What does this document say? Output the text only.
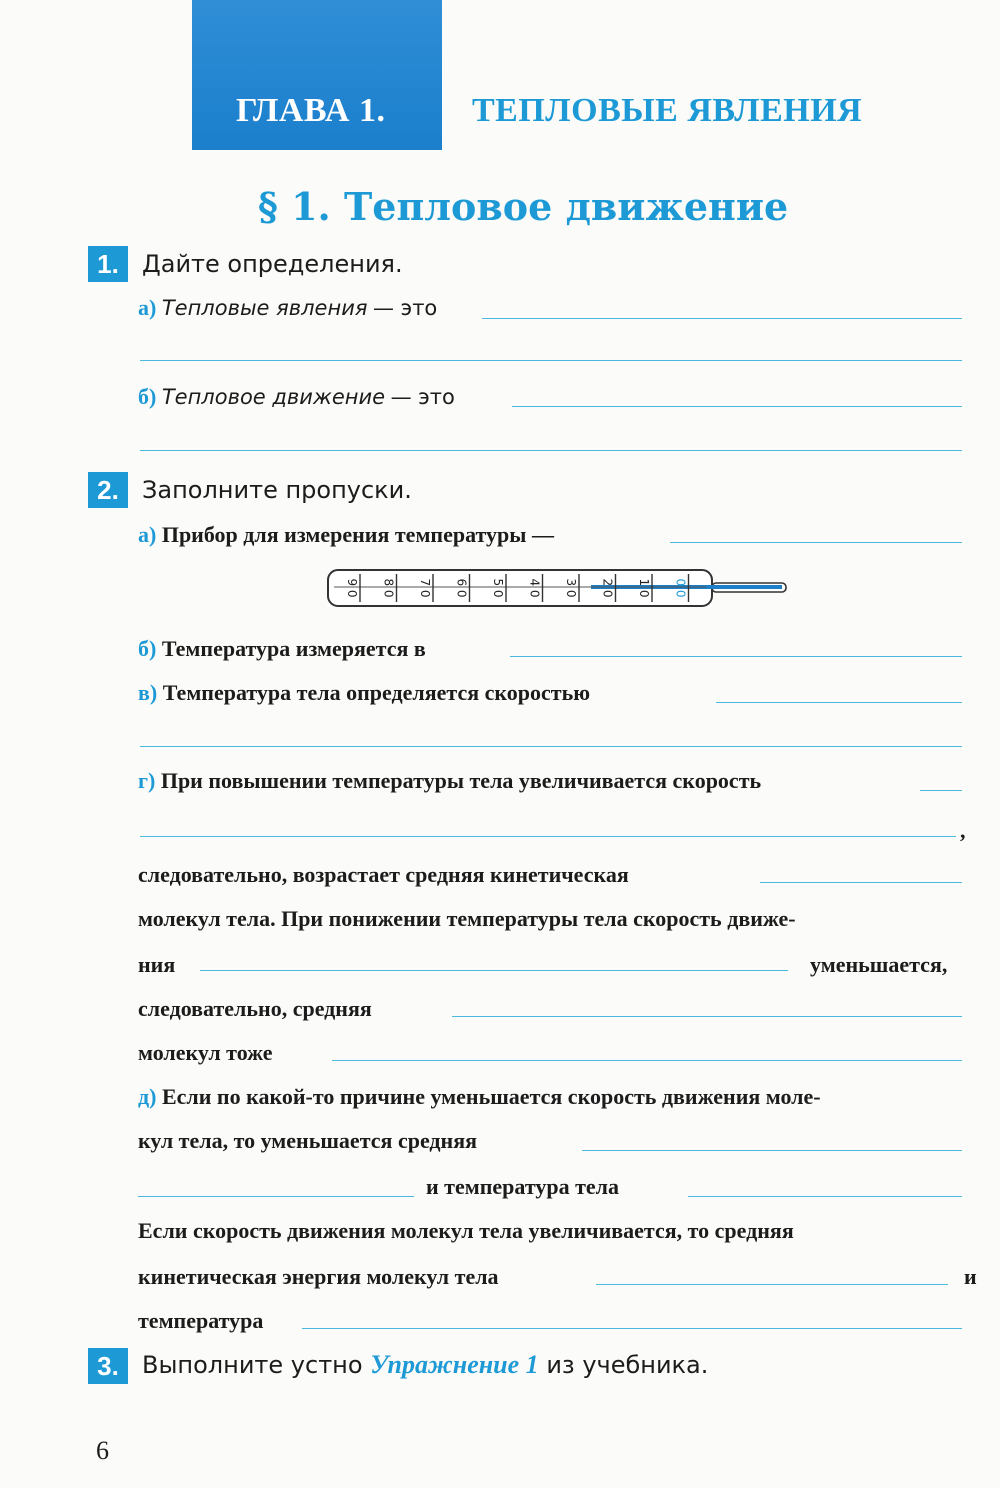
ГЛАВА 1.	ТЕПЛОВЫЕ ЯВЛЕНИЯ
§ 1. Тепловое движение
1. Дайте определения.
а) Тепловые явления — это
б) Тепловое движение — это
2. Заполните пропуски.
а) Прибор для измерения температуры —
9 0 8 0 7 0 6 0 5 0 4 0 3 0 2 0 1 0 0 0
б) Температура измеряется в
в) Температура тела определяется скоростью
г) При повышении температуры тела увеличивается скорость
,
следовательно, возрастает средняя кинетическая
молекул тела. При понижении температуры тела скорость движе-
ния	уменьшается,
следовательно, средняя
молекул тоже
д) Если по какой-то причине уменьшается скорость движения моле-
кул тела, то уменьшается средняя
и температура тела
Если скорость движения молекул тела увеличивается, то средняя
кинетическая энергия молекул тела	и
температура
3. Выполните устно Упражнение 1 из учебника.
6
